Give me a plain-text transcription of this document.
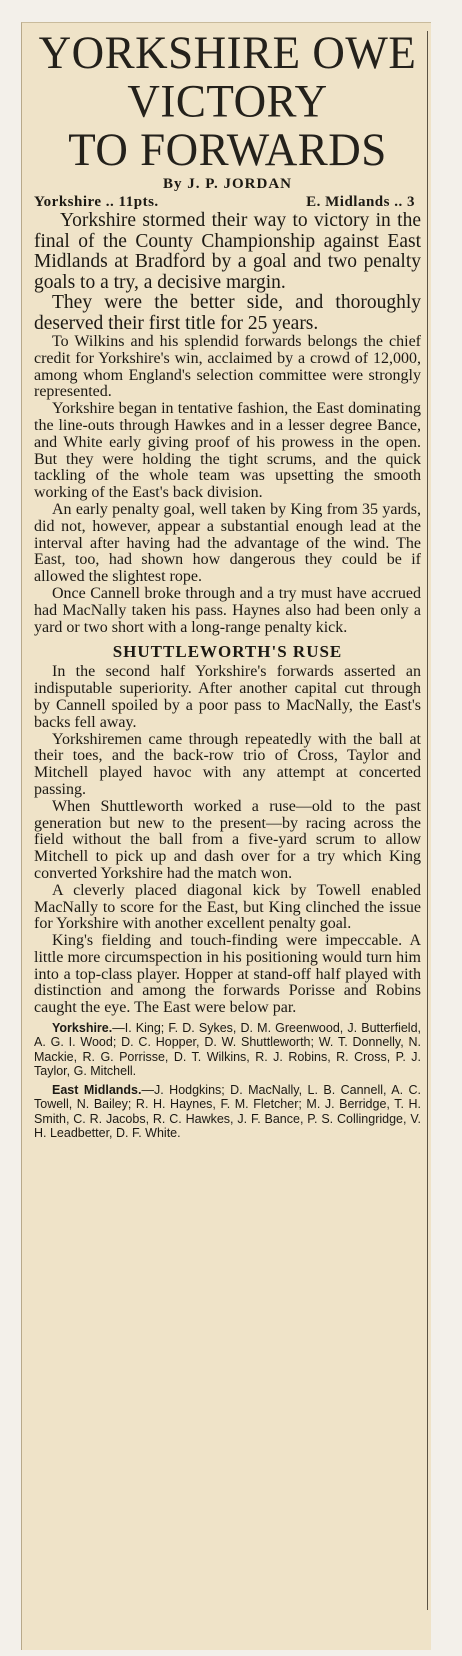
YORKSHIRE OWE
VICTORY
TO FORWARDS
By J. P. JORDAN
Yorkshire .. 11pts.	E. Midlands .. 3

Yorkshire stormed their way to victory in the final of the County Championship against East Midlands at Bradford by a goal and two penalty goals to a try, a decisive margin.

They were the better side, and thoroughly deserved their first title for 25 years.

To Wilkins and his splendid forwards belongs the chief credit for Yorkshire's win, acclaimed by a crowd of 12,000, among whom England's selection committee were strongly represented.

Yorkshire began in tentative fashion, the East dominating the line-outs through Hawkes and in a lesser degree Bance, and White early giving proof of his prowess in the open. But they were holding the tight scrums, and the quick tackling of the whole team was upsetting the smooth working of the East's back division.

An early penalty goal, well taken by King from 35 yards, did not, however, appear a substantial enough lead at the interval after having had the advantage of the wind. The East, too, had shown how dangerous they could be if allowed the slightest rope.

Once Cannell broke through and a try must have accrued had MacNally taken his pass. Haynes also had been only a yard or two short with a long-range penalty kick.

SHUTTLEWORTH'S RUSE

In the second half Yorkshire's forwards asserted an indisputable superiority. After another capital cut through by Cannell spoiled by a poor pass to MacNally, the East's backs fell away.

Yorkshiremen came through repeatedly with the ball at their toes, and the back-row trio of Cross, Taylor and Mitchell played havoc with any attempt at concerted passing.

When Shuttleworth worked a ruse—old to the past generation but new to the present—by racing across the field without the ball from a five-yard scrum to allow Mitchell to pick up and dash over for a try which King converted Yorkshire had the match won.

A cleverly placed diagonal kick by Towell enabled MacNally to score for the East, but King clinched the issue for Yorkshire with another excellent penalty goal.

King's fielding and touch-finding were impeccable. A little more circumspection in his positioning would turn him into a top-class player. Hopper at stand-off half played with distinction and among the forwards Porisse and Robins caught the eye. The East were below par.

Yorkshire.—I. King; F. D. Sykes, D. M. Greenwood, J. Butterfield, A. G. I. Wood; D. C. Hopper, D. W. Shuttleworth; W. T. Donnelly, N. Mackie, R. G. Porrisse, D. T. Wilkins, R. J. Robins, R. Cross, P. J. Taylor, G. Mitchell.

East Midlands.—J. Hodgkins; D. MacNally, L. B. Cannell, A. C. Towell, N. Bailey; R. H. Haynes, F. M. Fletcher; M. J. Berridge, T. H. Smith, C. R. Jacobs, R. C. Hawkes, J. F. Bance, P. S. Collingridge, V. H. Leadbetter, D. F. White.
